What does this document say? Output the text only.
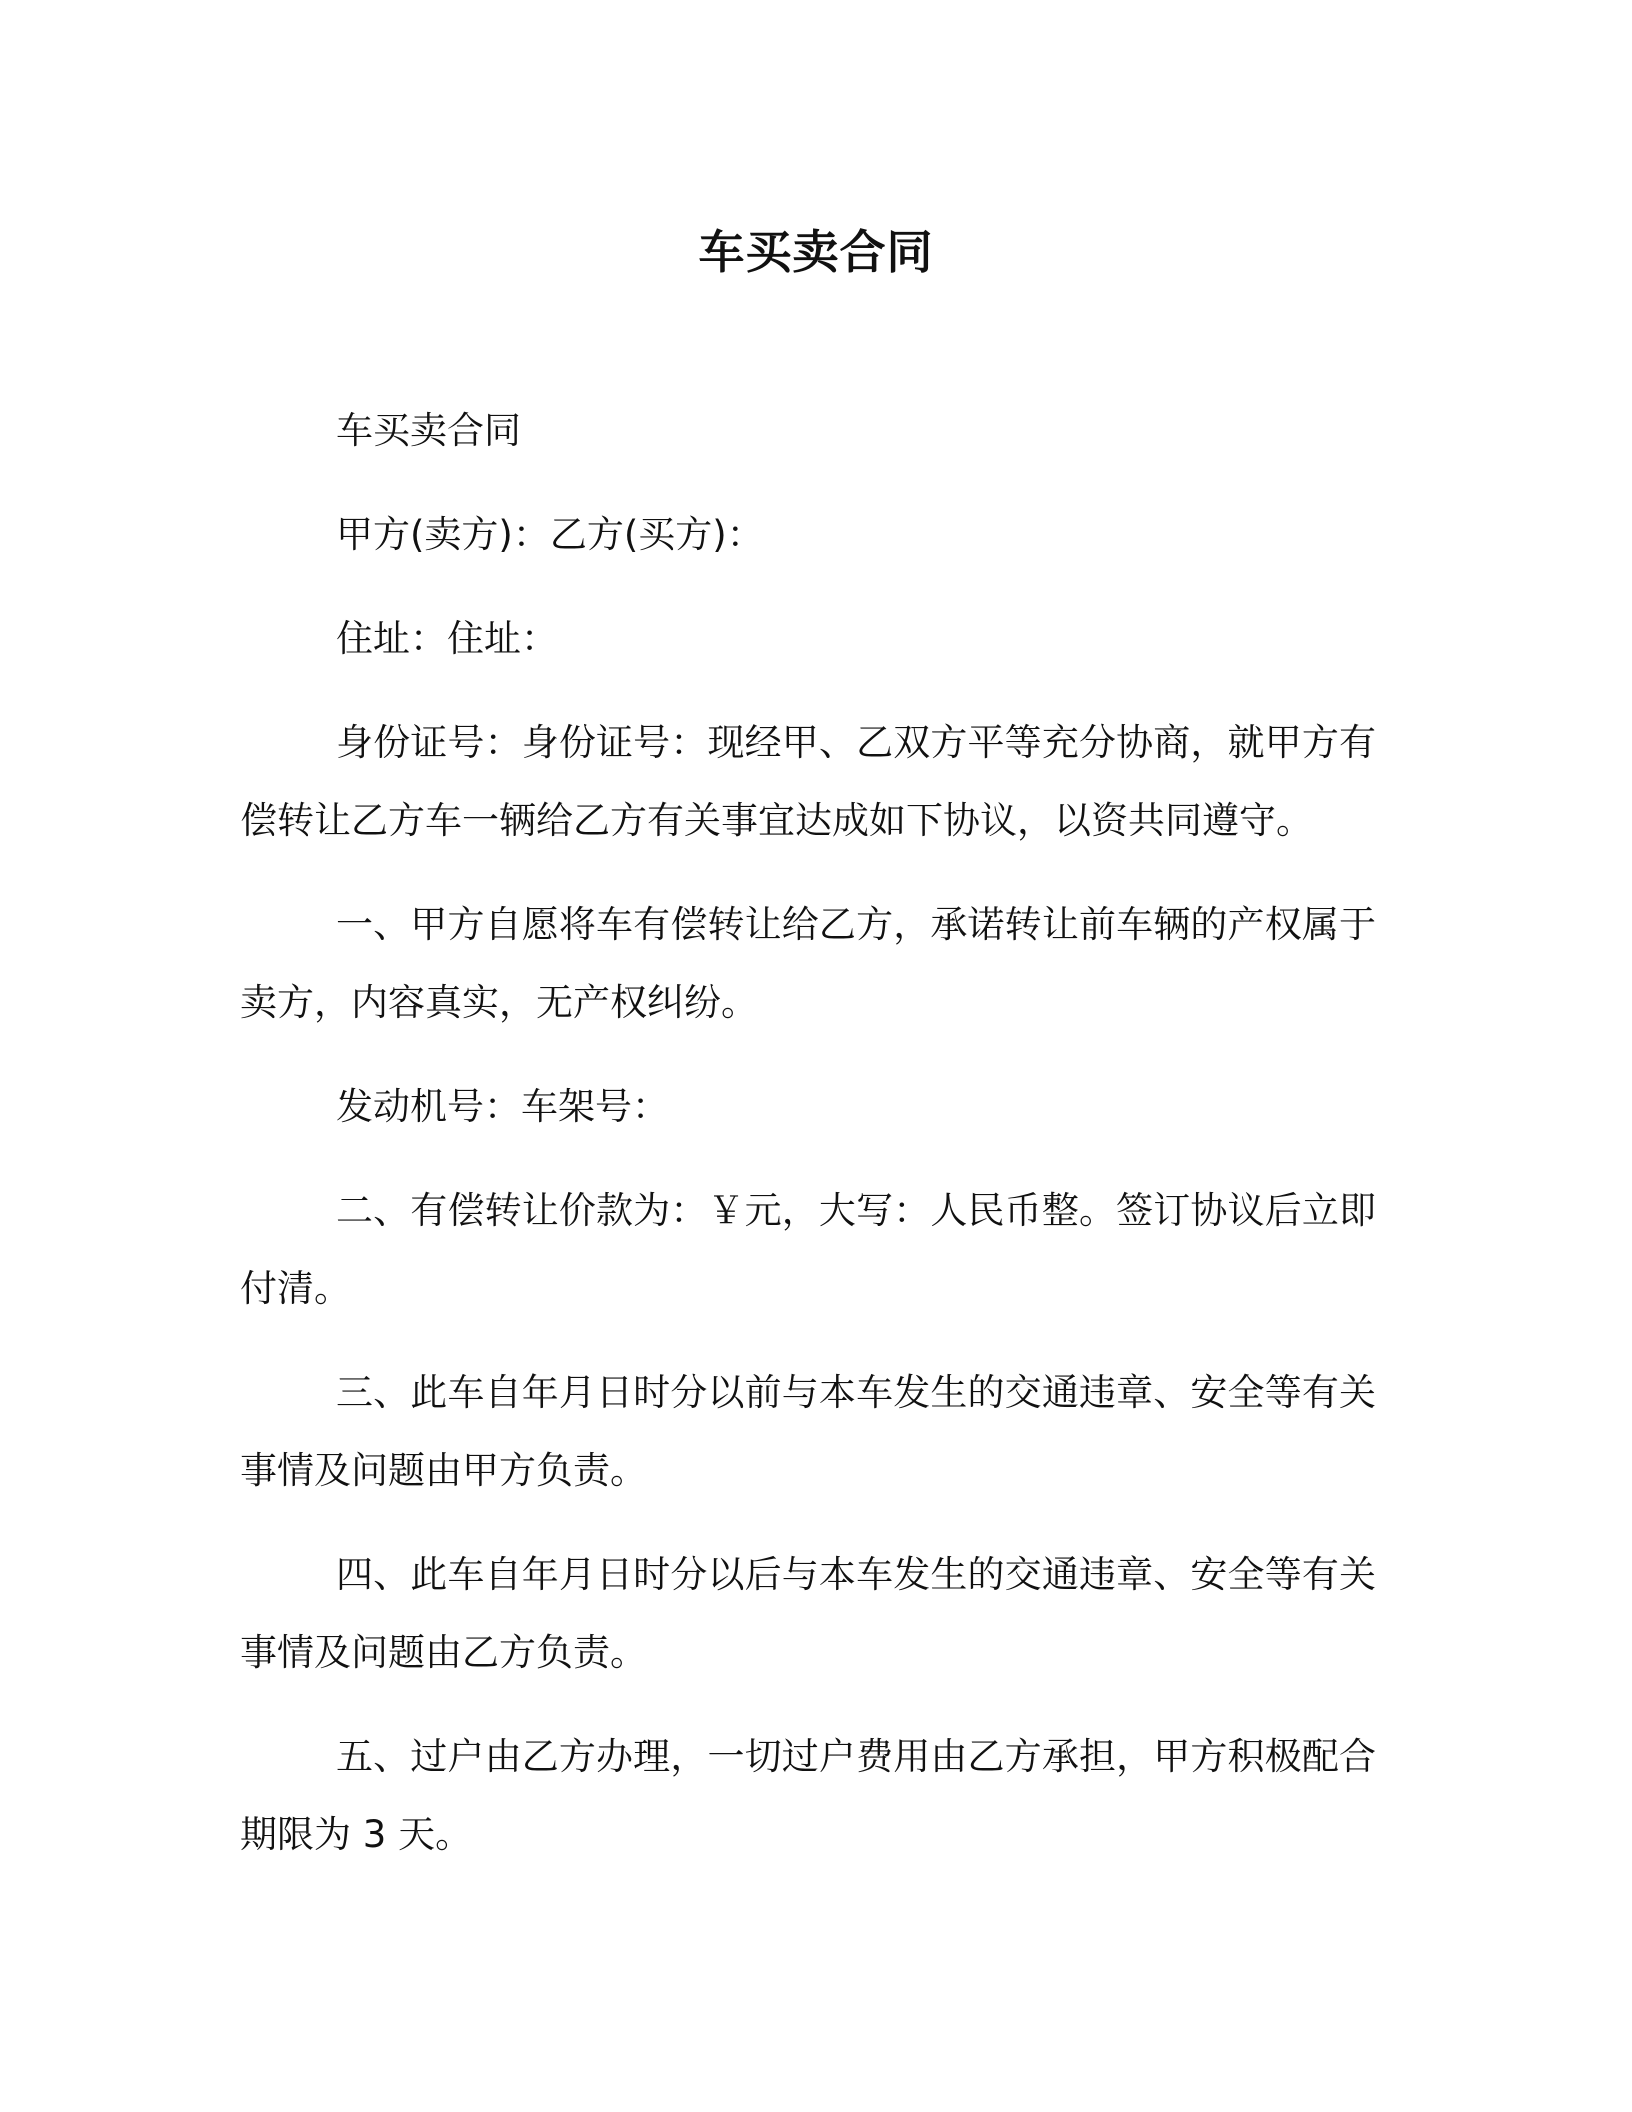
车买卖合同

车买卖合同

甲方(卖方)：乙方(买方)：

住址：住址：

身份证号：身份证号：现经甲、乙双方平等充分协商，就甲方有偿转让乙方车一辆给乙方有关事宜达成如下协议，以资共同遵守。

一、甲方自愿将车有偿转让给乙方，承诺转让前车辆的产权属于卖方，内容真实，无产权纠纷。

发动机号：车架号：

二、有偿转让价款为：￥元，大写：人民币整。签订协议后立即付清。

三、此车自年月日时分以前与本车发生的交通违章、安全等有关事情及问题由甲方负责。

四、此车自年月日时分以后与本车发生的交通违章、安全等有关事情及问题由乙方负责。

五、过户由乙方办理，一切过户费用由乙方承担，甲方积极配合期限为 3 天。
